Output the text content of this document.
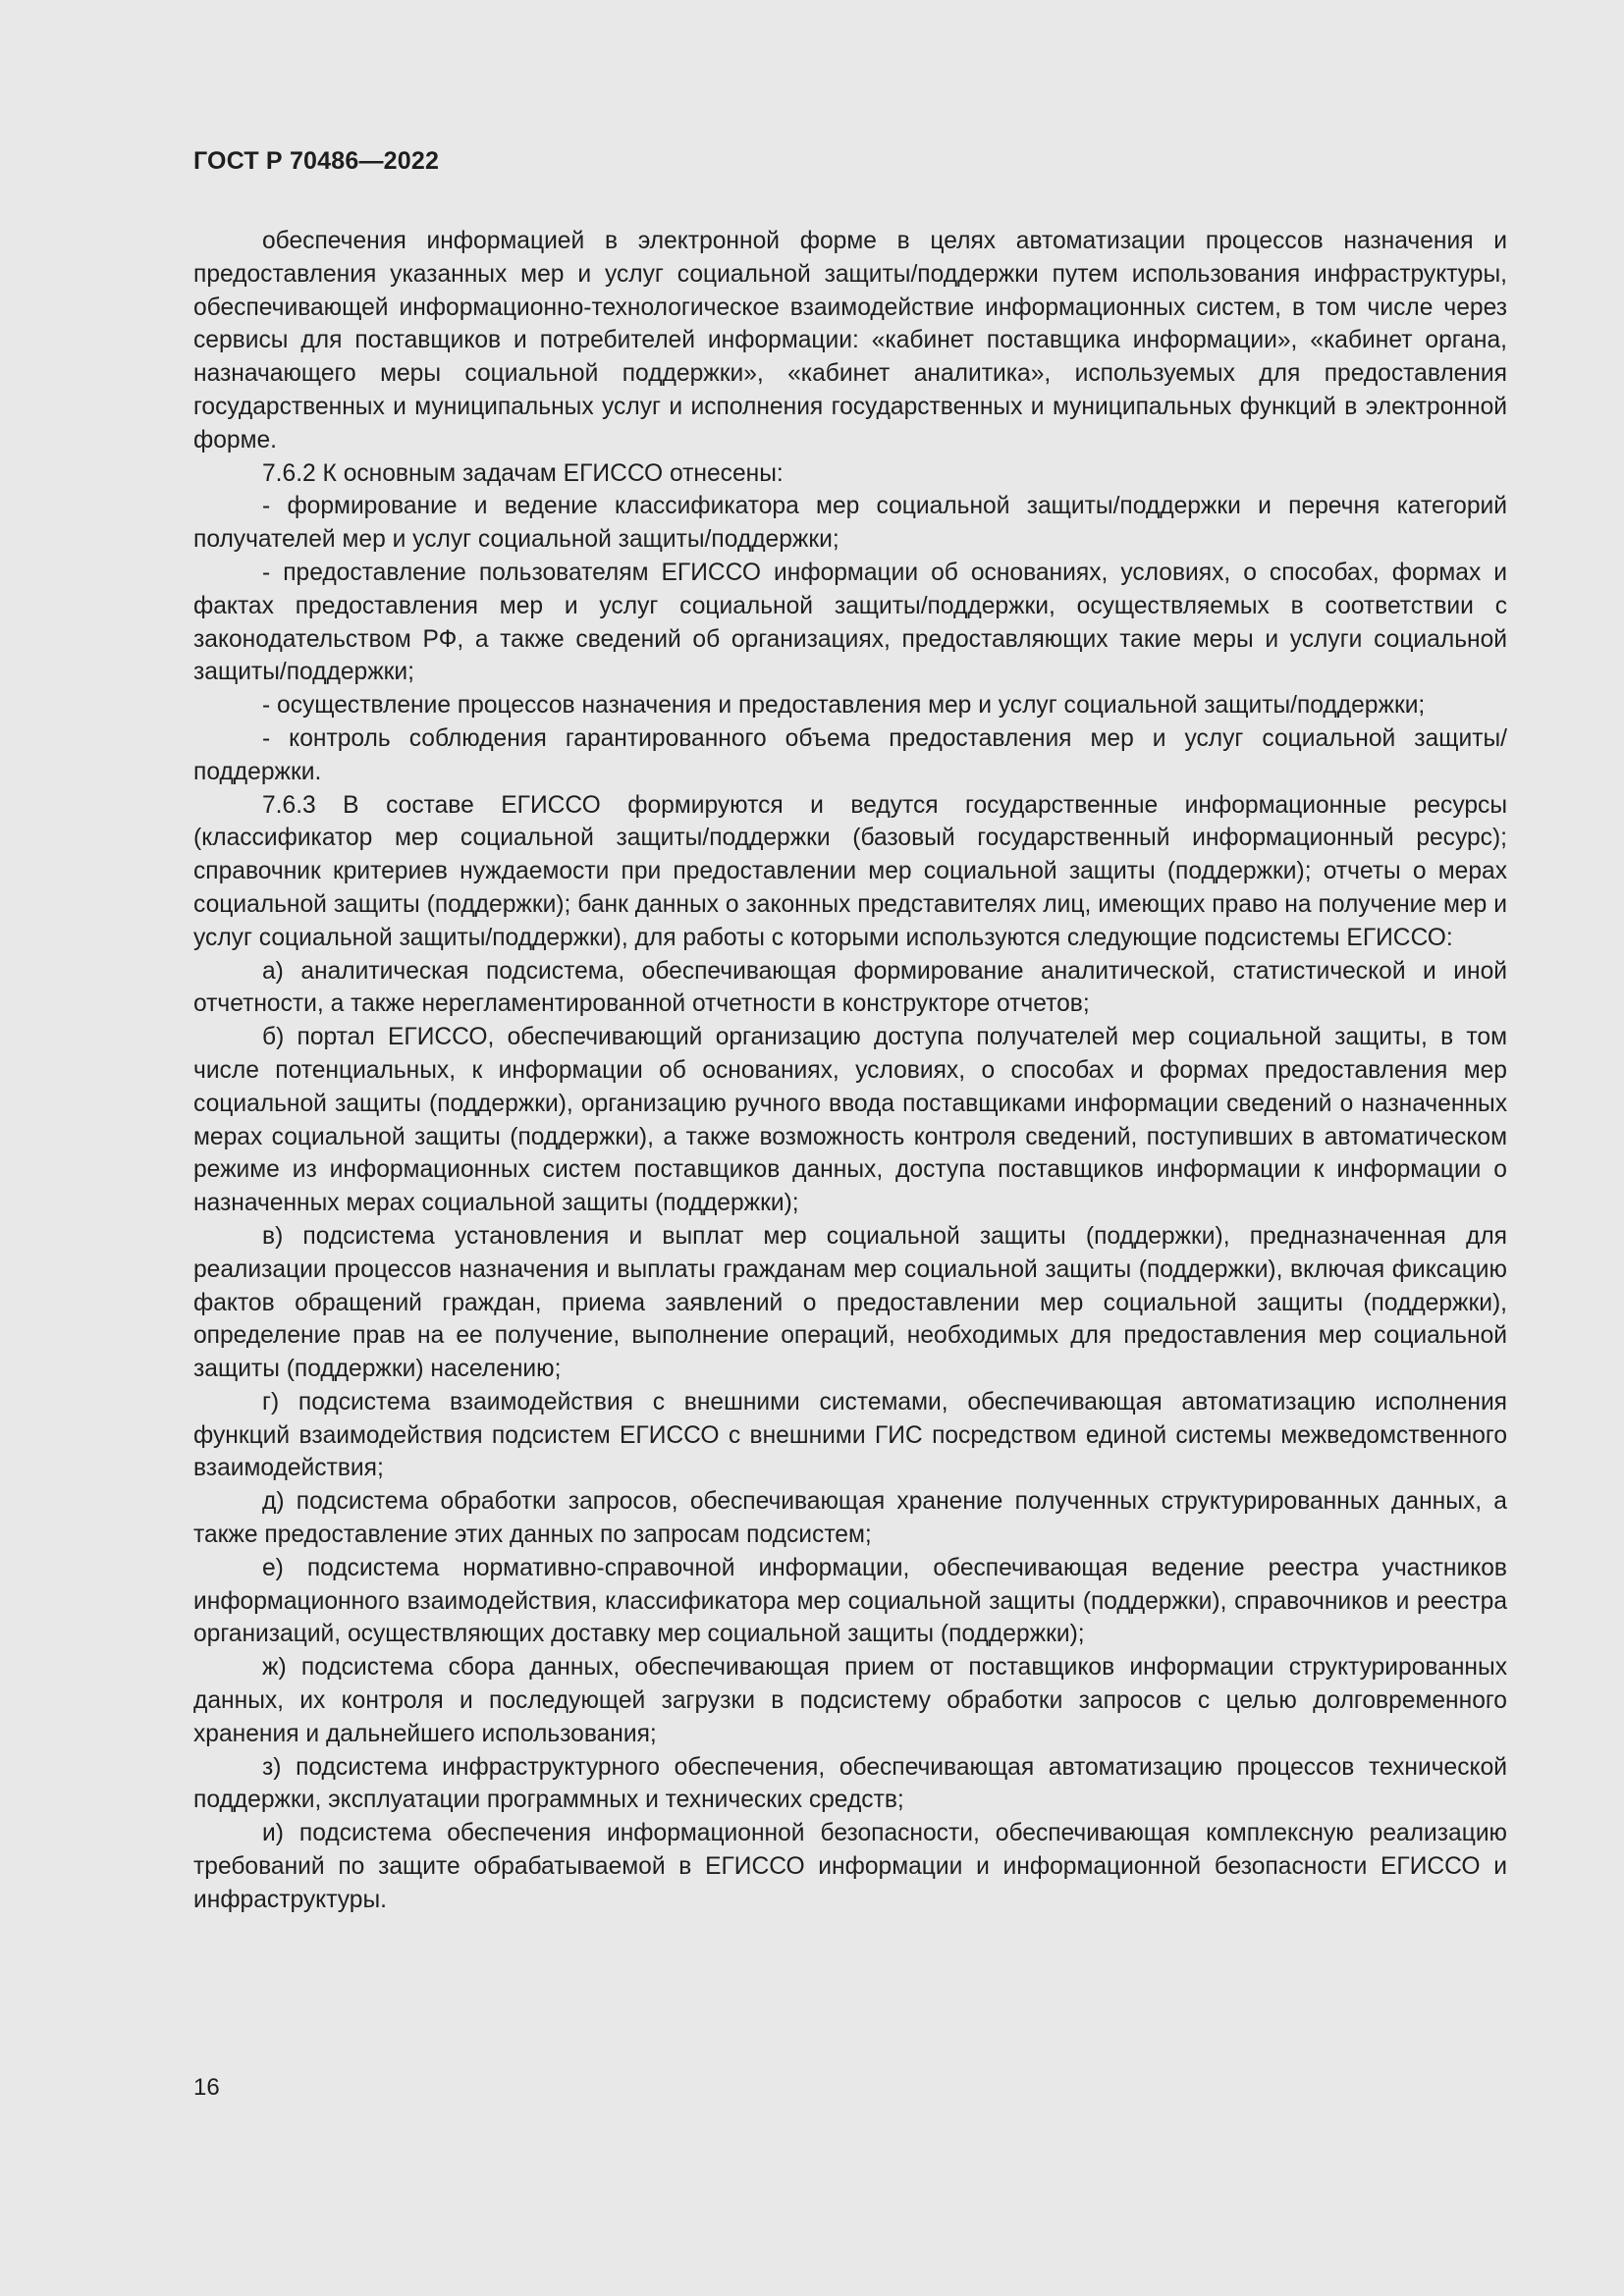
ГОСТ Р 70486—2022

обеспечения информацией в электронной форме в целях автоматизации процессов назначения и предоставления указанных мер и услуг социальной защиты/поддержки путем использования инфраструктуры, обеспечивающей информационно-технологическое взаимодействие информационных систем, в том числе через сервисы для поставщиков и потребителей информации: «кабинет поставщика информации», «кабинет органа, назначающего меры социальной поддержки», «кабинет аналитика», используемых для предоставления государственных и муниципальных услуг и исполнения государственных и муниципальных функций в электронной форме.

7.6.2 К основным задачам ЕГИССО отнесены:

- формирование и ведение классификатора мер социальной защиты/поддержки и перечня категорий получателей мер и услуг социальной защиты/поддержки;

- предоставление пользователям ЕГИССО информации об основаниях, условиях, о способах, формах и фактах предоставления мер и услуг социальной защиты/поддержки, осуществляемых в соответствии с законодательством РФ, а также сведений об организациях, предоставляющих такие меры и услуги социальной защиты/поддержки;

- осуществление процессов назначения и предоставления мер и услуг социальной защиты/поддержки;

- контроль соблюдения гарантированного объема предоставления мер и услуг социальной защиты/поддержки.

7.6.3 В составе ЕГИССО формируются и ведутся государственные информационные ресурсы (классификатор мер социальной защиты/поддержки (базовый государственный информационный ресурс); справочник критериев нуждаемости при предоставлении мер социальной защиты (поддержки); отчеты о мерах социальной защиты (поддержки); банк данных о законных представителях лиц, имеющих право на получение мер и услуг социальной защиты/поддержки), для работы с которыми используются следующие подсистемы ЕГИССО:

а) аналитическая подсистема, обеспечивающая формирование аналитической, статистической и иной отчетности, а также нерегламентированной отчетности в конструкторе отчетов;

б) портал ЕГИССО, обеспечивающий организацию доступа получателей мер социальной защиты, в том числе потенциальных, к информации об основаниях, условиях, о способах и формах предоставления мер социальной защиты (поддержки), организацию ручного ввода поставщиками информации сведений о назначенных мерах социальной защиты (поддержки), а также возможность контроля сведений, поступивших в автоматическом режиме из информационных систем поставщиков данных, доступа поставщиков информации к информации о назначенных мерах социальной защиты (поддержки);

в) подсистема установления и выплат мер социальной защиты (поддержки), предназначенная для реализации процессов назначения и выплаты гражданам мер социальной защиты (поддержки), включая фиксацию фактов обращений граждан, приема заявлений о предоставлении мер социальной защиты (поддержки), определение прав на ее получение, выполнение операций, необходимых для предоставления мер социальной защиты (поддержки) населению;

г) подсистема взаимодействия с внешними системами, обеспечивающая автоматизацию исполнения функций взаимодействия подсистем ЕГИССО с внешними ГИС посредством единой системы межведомственного взаимодействия;

д) подсистема обработки запросов, обеспечивающая хранение полученных структурированных данных, а также предоставление этих данных по запросам подсистем;

е) подсистема нормативно-справочной информации, обеспечивающая ведение реестра участников информационного взаимодействия, классификатора мер социальной защиты (поддержки), справочников и реестра организаций, осуществляющих доставку мер социальной защиты (поддержки);

ж) подсистема сбора данных, обеспечивающая прием от поставщиков информации структурированных данных, их контроля и последующей загрузки в подсистему обработки запросов с целью долговременного хранения и дальнейшего использования;

з) подсистема инфраструктурного обеспечения, обеспечивающая автоматизацию процессов технической поддержки, эксплуатации программных и технических средств;

и) подсистема обеспечения информационной безопасности, обеспечивающая комплексную реализацию требований по защите обрабатываемой в ЕГИССО информации и информационной безопасности ЕГИССО и инфраструктуры.

16
